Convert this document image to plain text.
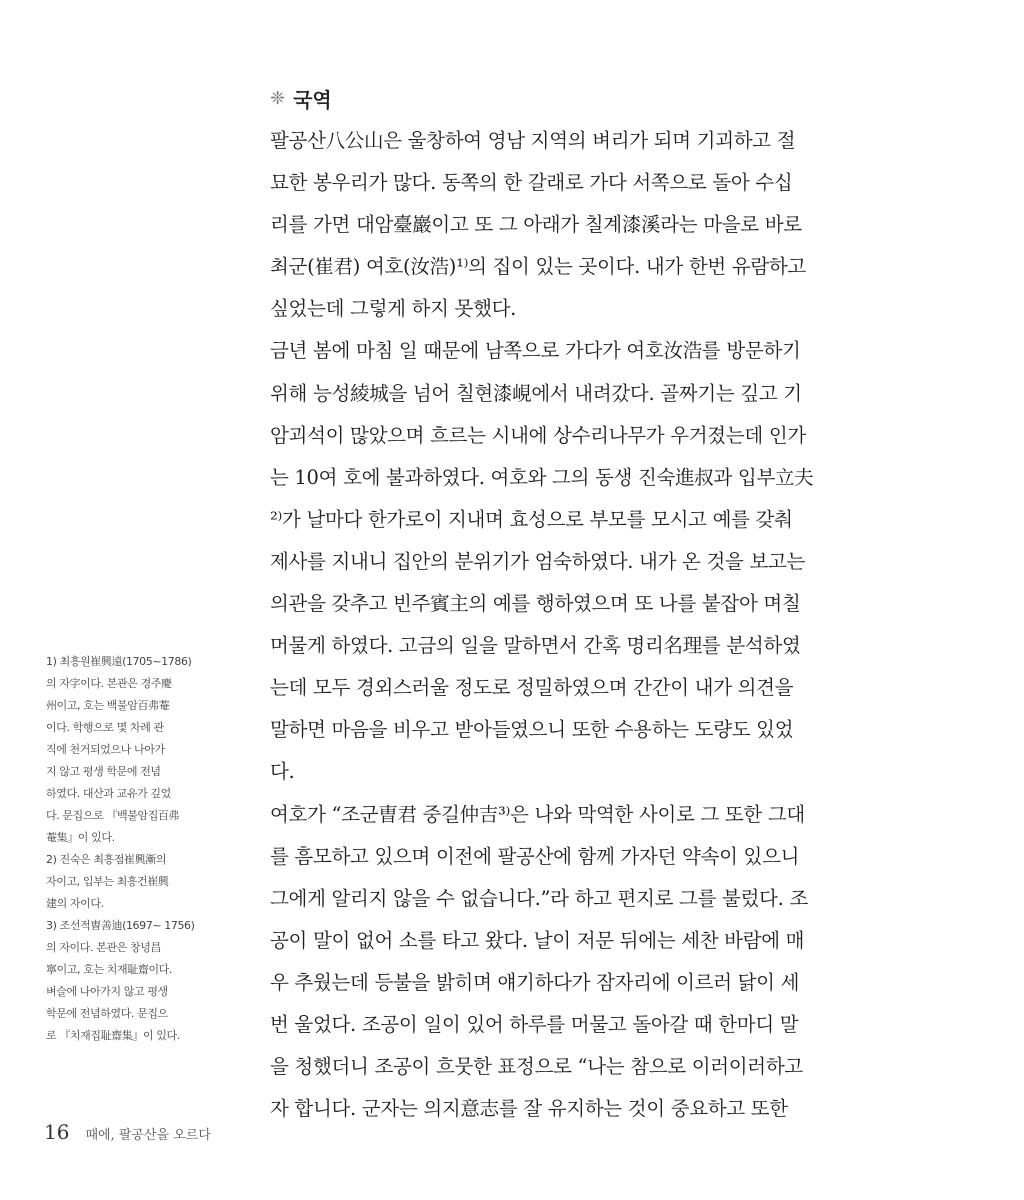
❈ 국역
팔공산八公山은 울창하여 영남 지역의 벼리가 되며 기괴하고 절
묘한 봉우리가 많다. 동쪽의 한 갈래로 가다 서쪽으로 돌아 수십
리를 가면 대암臺巖이고 또 그 아래가 칠계漆溪라는 마을로 바로
최군(崔君) 여호(汝浩)¹⁾의 집이 있는 곳이다. 내가 한번 유람하고
싶었는데 그렇게 하지 못했다.
금년 봄에 마침 일 때문에 남쪽으로 가다가 여호汝浩를 방문하기
위해 능성綾城을 넘어 칠현漆峴에서 내려갔다. 골짜기는 깊고 기
암괴석이 많았으며 흐르는 시내에 상수리나무가 우거졌는데 인가
는 10여 호에 불과하였다. 여호와 그의 동생 진숙進叔과 입부立夫
²⁾가 날마다 한가로이 지내며 효성으로 부모를 모시고 예를 갖춰
제사를 지내니 집안의 분위기가 엄숙하였다. 내가 온 것을 보고는
의관을 갖추고 빈주賓主의 예를 행하였으며 또 나를 붙잡아 며칠
머물게 하였다. 고금의 일을 말하면서 간혹 명리名理를 분석하였
는데 모두 경외스러울 정도로 정밀하였으며 간간이 내가 의견을
말하면 마음을 비우고 받아들였으니 또한 수용하는 도량도 있었
다.
여호가 “조군曺君 중길仲吉³⁾은 나와 막역한 사이로 그 또한 그대
를 흠모하고 있으며 이전에 팔공산에 함께 가자던 약속이 있으니
그에게 알리지 않을 수 없습니다.”라 하고 편지로 그를 불렀다. 조
공이 말이 없어 소를 타고 왔다. 날이 저문 뒤에는 세찬 바람에 매
우 추웠는데 등불을 밝히며 얘기하다가 잠자리에 이르러 닭이 세
번 울었다. 조공이 일이 있어 하루를 머물고 돌아갈 때 한마디 말
을 청했더니 조공이 흐뭇한 표정으로 “나는 참으로 이러이러하고
자 합니다. 군자는 의지意志를 잘 유지하는 것이 중요하고 또한
1) 최흥원崔興遠(1705~1786)
의 자字이다. 본관은 경주慶
州이고, 호는 백불암百弗菴
이다. 학행으로 몇 차례 관
직에 천거되었으나 나아가
지 않고 평생 학문에 전념
하였다. 대산과 교유가 깊었
다. 문집으로 『백불암집百弗
菴集』이 있다.
2) 진숙은 최흥점崔興漸의
자이고, 입부는 최흥건崔興
建의 자이다.
3) 조선적曺善迪(1697~ 1756)
의 자이다. 본관은 창녕昌
寧이고, 호는 치재耻齋이다.
벼슬에 나아가지 않고 평생
학문에 전념하였다. 문집으
로 『치재집耻齋集』이 있다.
16 때에, 팔공산을 오르다
